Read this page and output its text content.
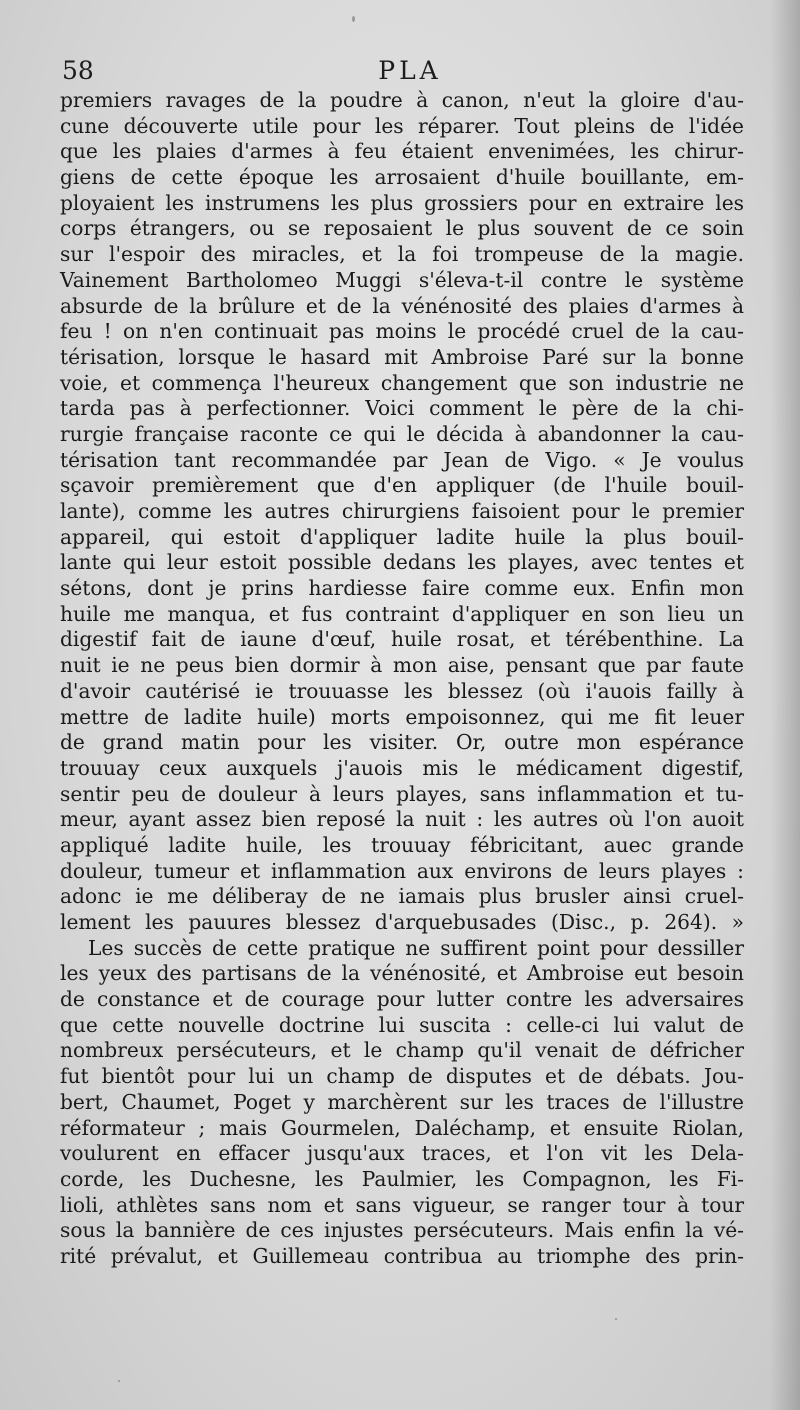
58	PLA
premiers ravages de la poudre à canon, n'eut la gloire d'au-
cune découverte utile pour les réparer. Tout pleins de l'idée
que les plaies d'armes à feu étaient envenimées, les chirur-
giens de cette époque les arrosaient d'huile bouillante, em-
ployaient les instrumens les plus grossiers pour en extraire les
corps étrangers, ou se reposaient le plus souvent de ce soin
sur l'espoir des miracles, et la foi trompeuse de la magie.
Vainement Bartholomeo Muggi s'éleva-t-il contre le système
absurde de la brûlure et de la vénénosité des plaies d'armes à
feu ! on n'en continuait pas moins le procédé cruel de la cau-
térisation, lorsque le hasard mit Ambroise Paré sur la bonne
voie, et commença l'heureux changement que son industrie ne
tarda pas à perfectionner. Voici comment le père de la chi-
rurgie française raconte ce qui le décida à abandonner la cau-
térisation tant recommandée par Jean de Vigo. « Je voulus
sçavoir premièrement que d'en appliquer (de l'huile bouil-
lante), comme les autres chirurgiens faisoient pour le premier
appareil, qui estoit d'appliquer ladite huile la plus bouil-
lante qui leur estoit possible dedans les playes, avec tentes et
sétons, dont je prins hardiesse faire comme eux. Enfin mon
huile me manqua, et fus contraint d'appliquer en son lieu un
digestif fait de iaune d'œuf, huile rosat, et térébenthine. La
nuit ie ne peus bien dormir à mon aise, pensant que par faute
d'avoir cautérisé ie trouuasse les blessez (où i'auois failly à
mettre de ladite huile) morts empoisonnez, qui me fit leuer
de grand matin pour les visiter. Or, outre mon espérance
trouuay ceux auxquels j'auois mis le médicament digestif,
sentir peu de douleur à leurs playes, sans inflammation et tu-
meur, ayant assez bien reposé la nuit : les autres où l'on auoit
appliqué ladite huile, les trouuay fébricitant, auec grande
douleur, tumeur et inflammation aux environs de leurs playes :
adonc ie me déliberay de ne iamais plus brusler ainsi cruel-
lement les pauures blessez d'arquebusades (Disc., p. 264). »
Les succès de cette pratique ne suffirent point pour dessiller
les yeux des partisans de la vénénosité, et Ambroise eut besoin
de constance et de courage pour lutter contre les adversaires
que cette nouvelle doctrine lui suscita : celle-ci lui valut de
nombreux persécuteurs, et le champ qu'il venait de défricher
fut bientôt pour lui un champ de disputes et de débats. Jou-
bert, Chaumet, Poget y marchèrent sur les traces de l'illustre
réformateur ; mais Gourmelen, Daléchamp, et ensuite Riolan,
voulurent en effacer jusqu'aux traces, et l'on vit les Dela-
corde, les Duchesne, les Paulmier, les Compagnon, les Fi-
lioli, athlètes sans nom et sans vigueur, se ranger tour à tour
sous la bannière de ces injustes persécuteurs. Mais enfin la vé-
rité prévalut, et Guillemeau contribua au triomphe des prin-
